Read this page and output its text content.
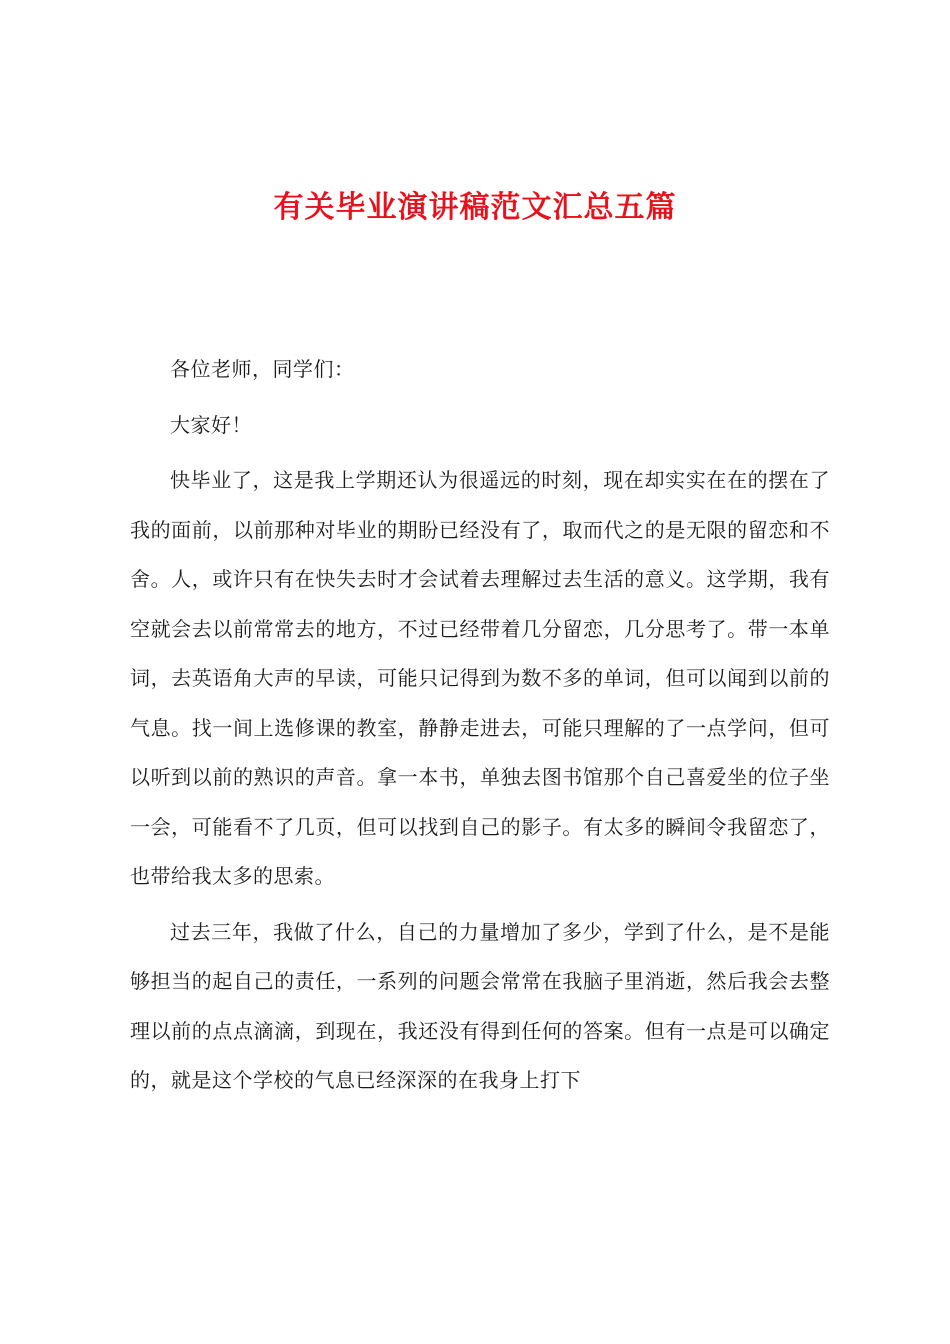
有关毕业演讲稿范文汇总五篇

各位老师，同学们：

大家好！

快毕业了，这是我上学期还认为很遥远的时刻，现在却实实在在的摆在了我的面前，以前那种对毕业的期盼已经没有了，取而代之的是无限的留恋和不舍。人，或许只有在快失去时才会试着去理解过去生活的意义。这学期，我有空就会去以前常常去的地方，不过已经带着几分留恋，几分思考了。带一本单词，去英语角大声的早读，可能只记得到为数不多的单词，但可以闻到以前的气息。找一间上选修课的教室，静静走进去，可能只理解的了一点学问，但可以听到以前的熟识的声音。拿一本书，单独去图书馆那个自己喜爱坐的位子坐一会，可能看不了几页，但可以找到自己的影子。有太多的瞬间令我留恋了，也带给我太多的思索。

过去三年，我做了什么，自己的力量增加了多少，学到了什么，是不是能够担当的起自己的责任，一系列的问题会常常在我脑子里消逝，然后我会去整理以前的点点滴滴，到现在，我还没有得到任何的答案。但有一点是可以确定的，就是这个学校的气息已经深深的在我身上打下
